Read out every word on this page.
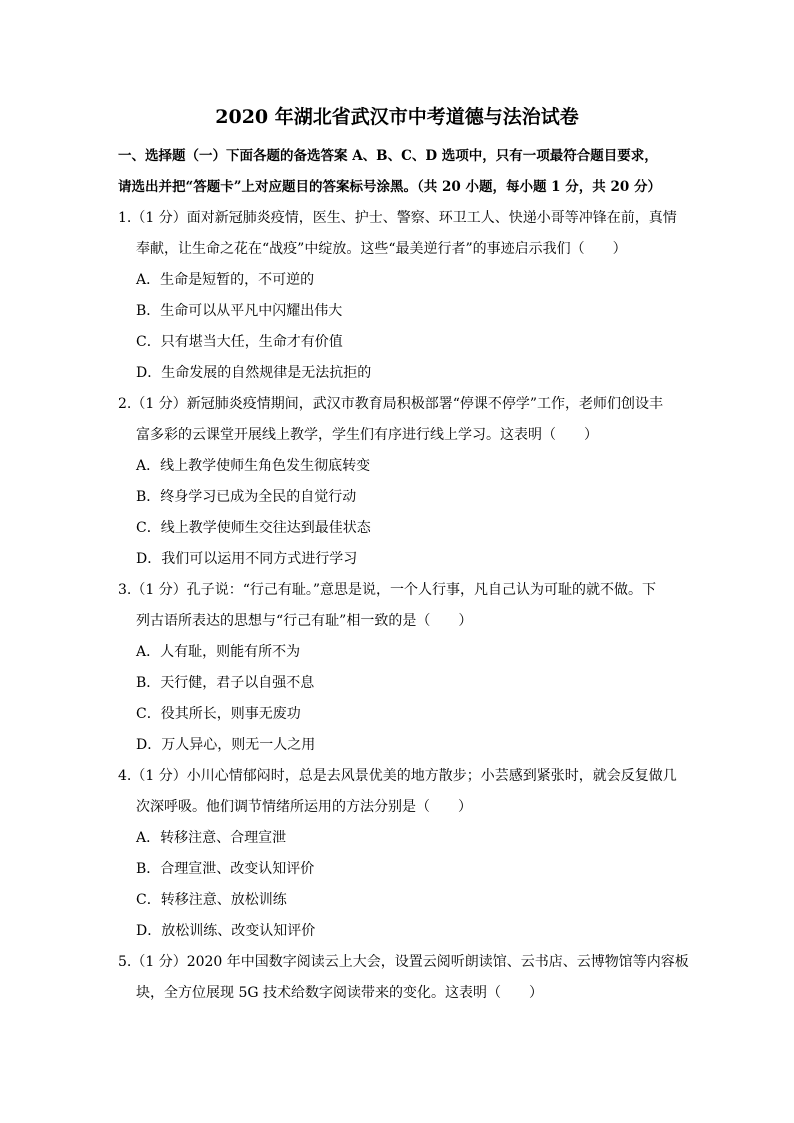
2020 年湖北省武汉市中考道德与法治试卷

一、选择题（一）下面各题的备选答案 A、B、C、D 选项中，只有一项最符合题目要求，

请选出并把“答题卡”上对应题目的答案标号涂黑。（共 20 小题，每小题 1 分，共 20 分）

1.（1 分）面对新冠肺炎疫情，医生、护士、警察、环卫工人、快递小哥等冲锋在前，真情
奉献，让生命之花在“战疫”中绽放。这些“最美逆行者”的事迹启示我们（　　）
A．生命是短暂的，不可逆的
B．生命可以从平凡中闪耀出伟大
C．只有堪当大任，生命才有价值
D．生命发展的自然规律是无法抗拒的
2.（1 分）新冠肺炎疫情期间，武汉市教育局积极部署“停课不停学”工作，老师们创设丰
富多彩的云课堂开展线上教学，学生们有序进行线上学习。这表明（　　）
A．线上教学使师生角色发生彻底转变
B．终身学习已成为全民的自觉行动
C．线上教学使师生交往达到最佳状态
D．我们可以运用不同方式进行学习
3.（1 分）孔子说：“行己有耻。”意思是说，一个人行事，凡自己认为可耻的就不做。下
列古语所表达的思想与“行己有耻”相一致的是（　　）
A．人有耻，则能有所不为
B．天行健，君子以自强不息
C．役其所长，则事无废功
D．万人异心，则无一人之用
4.（1 分）小川心情郁闷时，总是去风景优美的地方散步；小芸感到紧张时，就会反复做几
次深呼吸。他们调节情绪所运用的方法分别是（　　）
A．转移注意、合理宣泄
B．合理宣泄、改变认知评价
C．转移注意、放松训练
D．放松训练、改变认知评价
5.（1 分）2020 年中国数字阅读云上大会，设置云阅听朗读馆、云书店、云博物馆等内容板
块，全方位展现 5G 技术给数字阅读带来的变化。这表明（　　）
